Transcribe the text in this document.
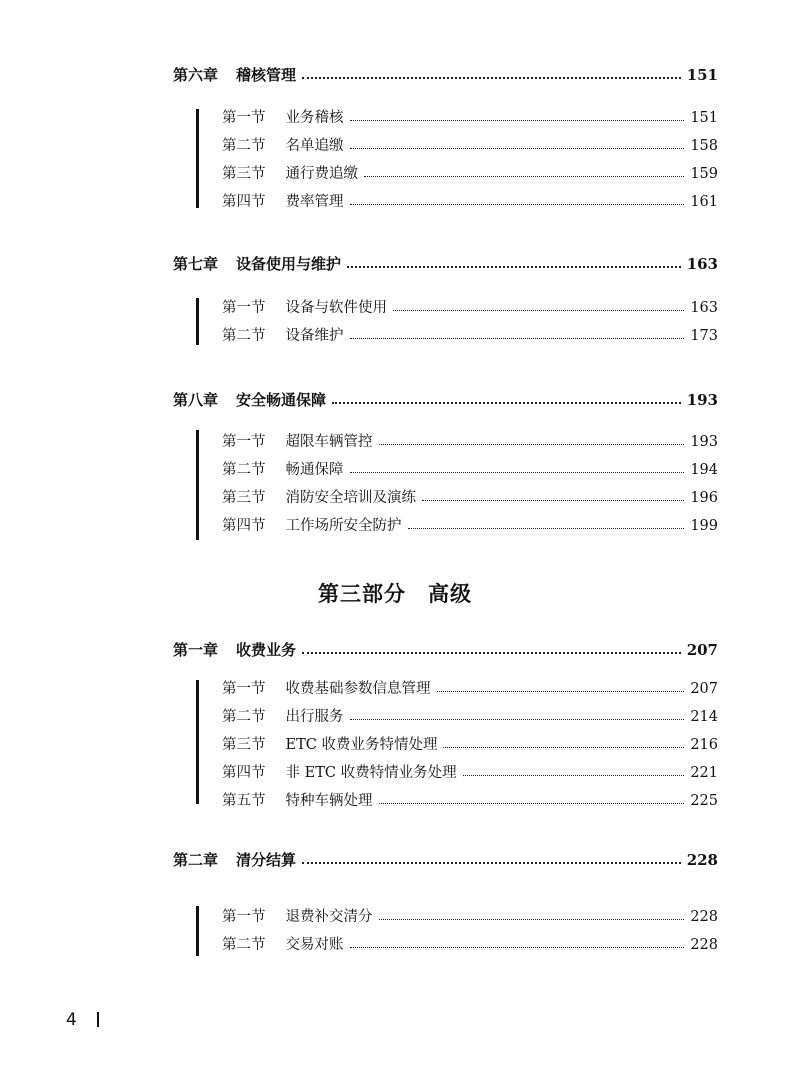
第六章 稽核管理	151
第一节 业务稽核	151
第二节 名单追缴	158
第三节 通行费追缴	159
第四节 费率管理	161
第七章 设备使用与维护	163
第一节 设备与软件使用	163
第二节 设备维护	173
第八章 安全畅通保障	193
第一节 超限车辆管控	193
第二节 畅通保障	194
第三节 消防安全培训及演练	196
第四节 工作场所安全防护	199
第三部分 高级
第一章 收费业务	207
第一节 收费基础参数信息管理	207
第二节 出行服务	214
第三节 ETC 收费业务特情处理	216
第四节 非 ETC 收费特情业务处理	221
第五节 特种车辆处理	225
第二章 清分结算	228
第一节 退费补交清分	228
第二节 交易对账	228
4
